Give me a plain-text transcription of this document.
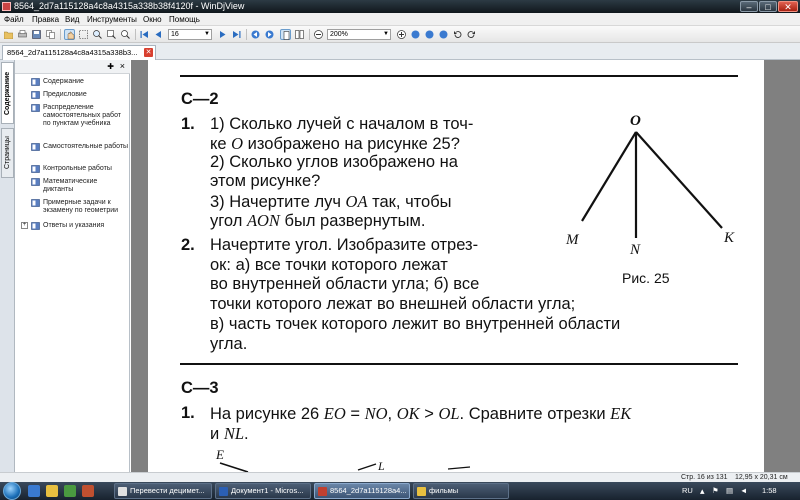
8564_2d7a115128a4c8a4315a338b38f4120f - WinDjView	–	□	✕
Файл Правка Вид Инструменты Окно Помощь
16	▼	200%	▼
8564_2d7a115128a4c8a4315a338b3... ✕
Содержание
Страницы
✚ ×
Содержание
Предисловие
Распределение самостоятельных работ по пунктам учебника
Самостоятельные работы
Контрольные работы
Математические диктанты
Примерные задачи к экзамену по геометрии
+ Ответы и указания
С—2
1. 1) Сколько лучей с началом в точ-
ке O изображено на рисунке 25?
2) Сколько углов изображено на
этом рисунке?
3) Начертите луч OA так, чтобы
угол AON был развернутым.
2. Начертите угол. Изобразите отрез-
ок: а) все точки которого лежат
во внутренней области угла; б) все
точки которого лежат во внешней области угла;
в) часть точек которого лежит во внутренней области
угла.
O
M
N
K
Рис. 25
С—3
1. На рисунке 26 EO = NO, OK > OL. Сравните отрезки EK
и NL.
E
L
Стр. 16 из 131 12,95 x 20,31 см
Перевести децимет...	Документ1 - Micros...	8564_2d7a115128a4...	фильмы	RU ▴ ⚑ ▤ ◄ 1:58
